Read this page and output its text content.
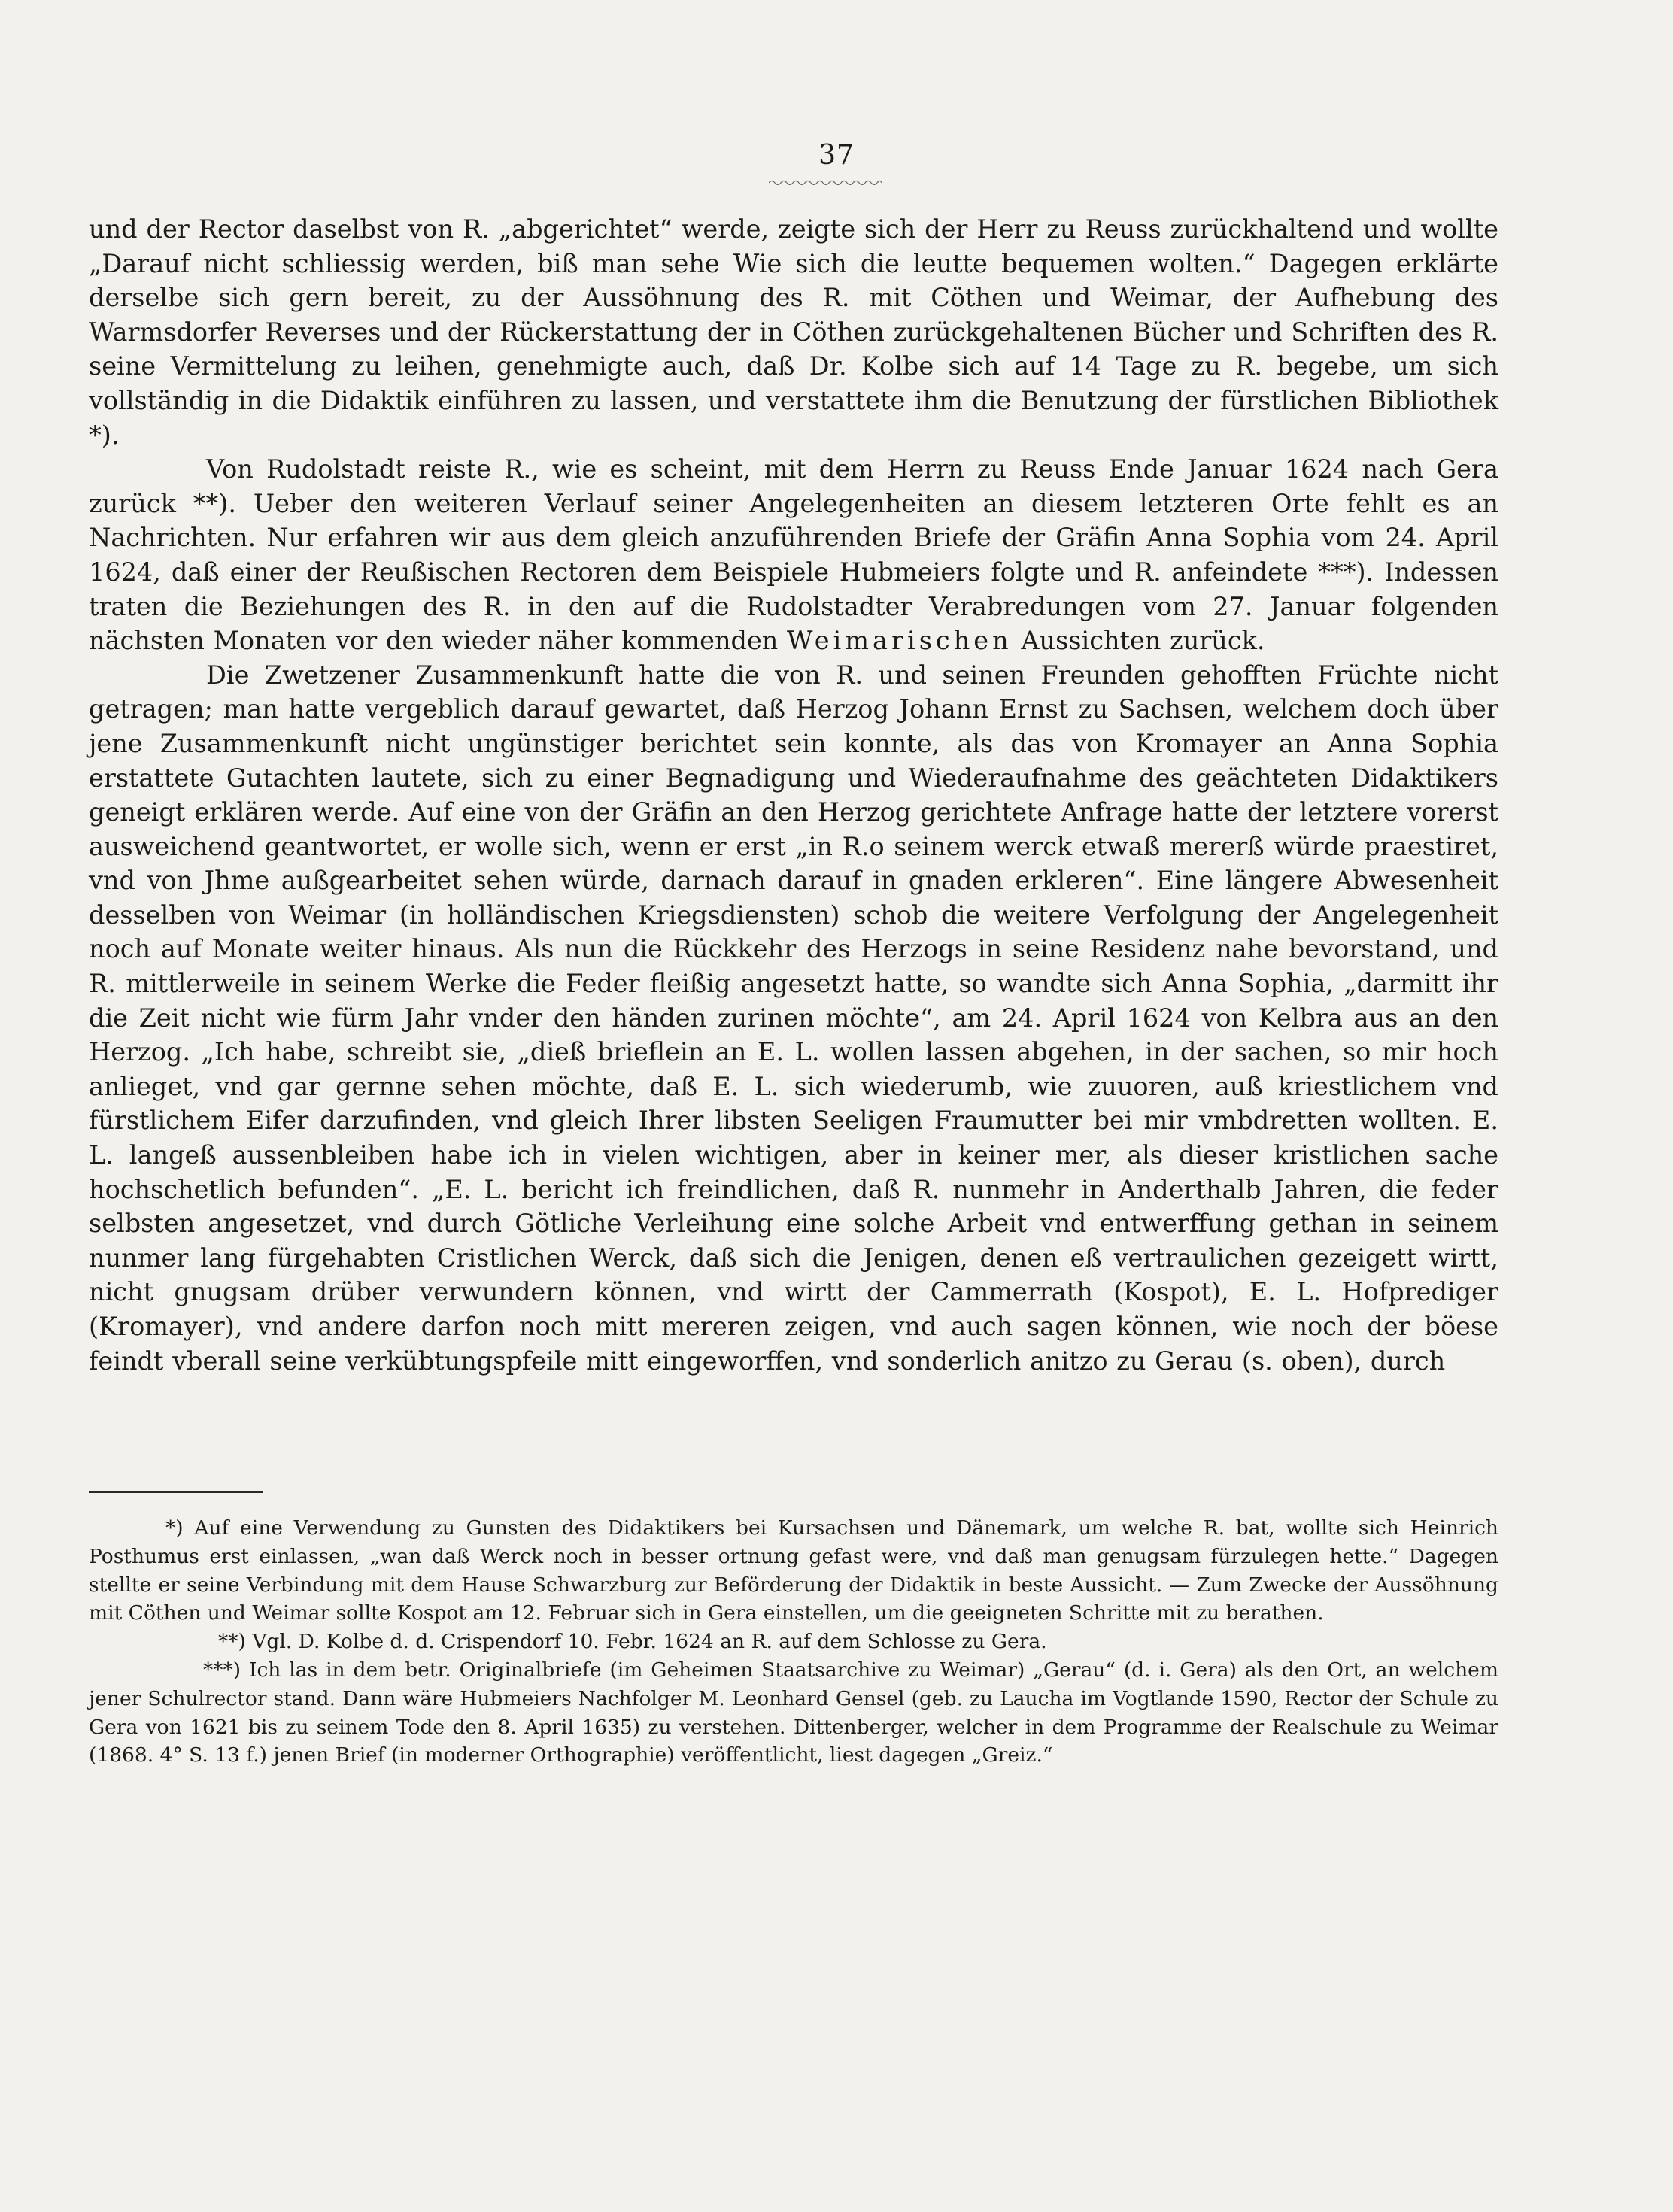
37

und der Rector daselbst von R. „abgerichtet“ werde, zeigte sich der Herr zu Reuss zurückhaltend und wollte „Darauf nicht schliessig werden, biß man sehe Wie sich die leutte bequemen wolten.“ Dagegen erklärte derselbe sich gern bereit, zu der Aussöhnung des R. mit Cöthen und Weimar, der Aufhebung des Warmsdorfer Reverses und der Rückerstattung der in Cöthen zurückgehaltenen Bücher und Schriften des R. seine Vermittelung zu leihen, genehmigte auch, daß Dr. Kolbe sich auf 14 Tage zu R. begebe, um sich vollständig in die Didaktik einführen zu lassen, und verstattete ihm die Benutzung der fürstlichen Bibliothek *).

Von Rudolstadt reiste R., wie es scheint, mit dem Herrn zu Reuss Ende Januar 1624 nach Gera zurück **). Ueber den weiteren Verlauf seiner Angelegenheiten an diesem letzteren Orte fehlt es an Nachrichten. Nur erfahren wir aus dem gleich anzuführenden Briefe der Gräfin Anna Sophia vom 24. April 1624, daß einer der Reußischen Rectoren dem Beispiele Hubmeiers folgte und R. anfeindete ***). Indessen traten die Beziehungen des R. in den auf die Rudolstadter Verabredungen vom 27. Januar folgenden nächsten Monaten vor den wieder näher kommenden Weimarischen Aussichten zurück.

Die Zwetzener Zusammenkunft hatte die von R. und seinen Freunden gehofften Früchte nicht getragen; man hatte vergeblich darauf gewartet, daß Herzog Johann Ernst zu Sachsen, welchem doch über jene Zusammenkunft nicht ungünstiger berichtet sein konnte, als das von Kromayer an Anna Sophia erstattete Gutachten lautete, sich zu einer Begnadigung und Wiederaufnahme des geächteten Didaktikers geneigt erklären werde. Auf eine von der Gräfin an den Herzog gerichtete Anfrage hatte der letztere vorerst ausweichend geantwortet, er wolle sich, wenn er erst „in R.o seinem werck etwaß mererß würde praestiret, vnd von Jhme außgearbeitet sehen würde, darnach darauf in gnaden erkleren“. Eine längere Abwesenheit desselben von Weimar (in holländischen Kriegsdiensten) schob die weitere Verfolgung der Angelegenheit noch auf Monate weiter hinaus. Als nun die Rückkehr des Herzogs in seine Residenz nahe bevorstand, und R. mittlerweile in seinem Werke die Feder fleißig angesetzt hatte, so wandte sich Anna Sophia, „darmitt ihr die Zeit nicht wie fürm Jahr vnder den händen zurinen möchte“, am 24. April 1624 von Kelbra aus an den Herzog. „Ich habe, schreibt sie, „dieß brieflein an E. L. wollen lassen abgehen, in der sachen, so mir hoch anlieget, vnd gar gernne sehen möchte, daß E. L. sich wiederumb, wie zuuoren, auß kriestlichem vnd fürstlichem Eifer darzufinden, vnd gleich Ihrer libsten Seeligen Fraumutter bei mir vmbdretten wollten. E. L. langeß aussenbleiben habe ich in vielen wichtigen, aber in keiner mer, als dieser kristlichen sache hochschetlich befunden“. „E. L. bericht ich freindlichen, daß R. nunmehr in Anderthalb Jahren, die feder selbsten angesetzet, vnd durch Götliche Verleihung eine solche Arbeit vnd entwerffung gethan in seinem nunmer lang fürgehabten Cristlichen Werck, daß sich die Jenigen, denen eß vertraulichen gezeigett wirtt, nicht gnugsam drüber verwundern können, vnd wirtt der Cammerrath (Kospot), E. L. Hofprediger (Kromayer), vnd andere darfon noch mitt mereren zeigen, vnd auch sagen können, wie noch der böese feindt vberall seine verkübtungspfeile mitt eingeworffen, vnd sonderlich anitzo zu Gerau (s. oben), durch

*) Auf eine Verwendung zu Gunsten des Didaktikers bei Kursachsen und Dänemark, um welche R. bat, wollte sich Heinrich Posthumus erst einlassen, „wan daß Werck noch in besser ortnung gefast were, vnd daß man genugsam fürzulegen hette.“ Dagegen stellte er seine Verbindung mit dem Hause Schwarzburg zur Beförderung der Didaktik in beste Aussicht. — Zum Zwecke der Aussöhnung mit Cöthen und Weimar sollte Kospot am 12. Februar sich in Gera einstellen, um die geeigneten Schritte mit zu berathen.

**) Vgl. D. Kolbe d. d. Crispendorf 10. Febr. 1624 an R. auf dem Schlosse zu Gera.

***) Ich las in dem betr. Originalbriefe (im Geheimen Staatsarchive zu Weimar) „Gerau“ (d. i. Gera) als den Ort, an welchem jener Schulrector stand. Dann wäre Hubmeiers Nachfolger M. Leonhard Gensel (geb. zu Laucha im Vogtlande 1590, Rector der Schule zu Gera von 1621 bis zu seinem Tode den 8. April 1635) zu verstehen. Dittenberger, welcher in dem Programme der Realschule zu Weimar (1868. 4° S. 13 f.) jenen Brief (in moderner Orthographie) veröffentlicht, liest dagegen „Greiz.“
